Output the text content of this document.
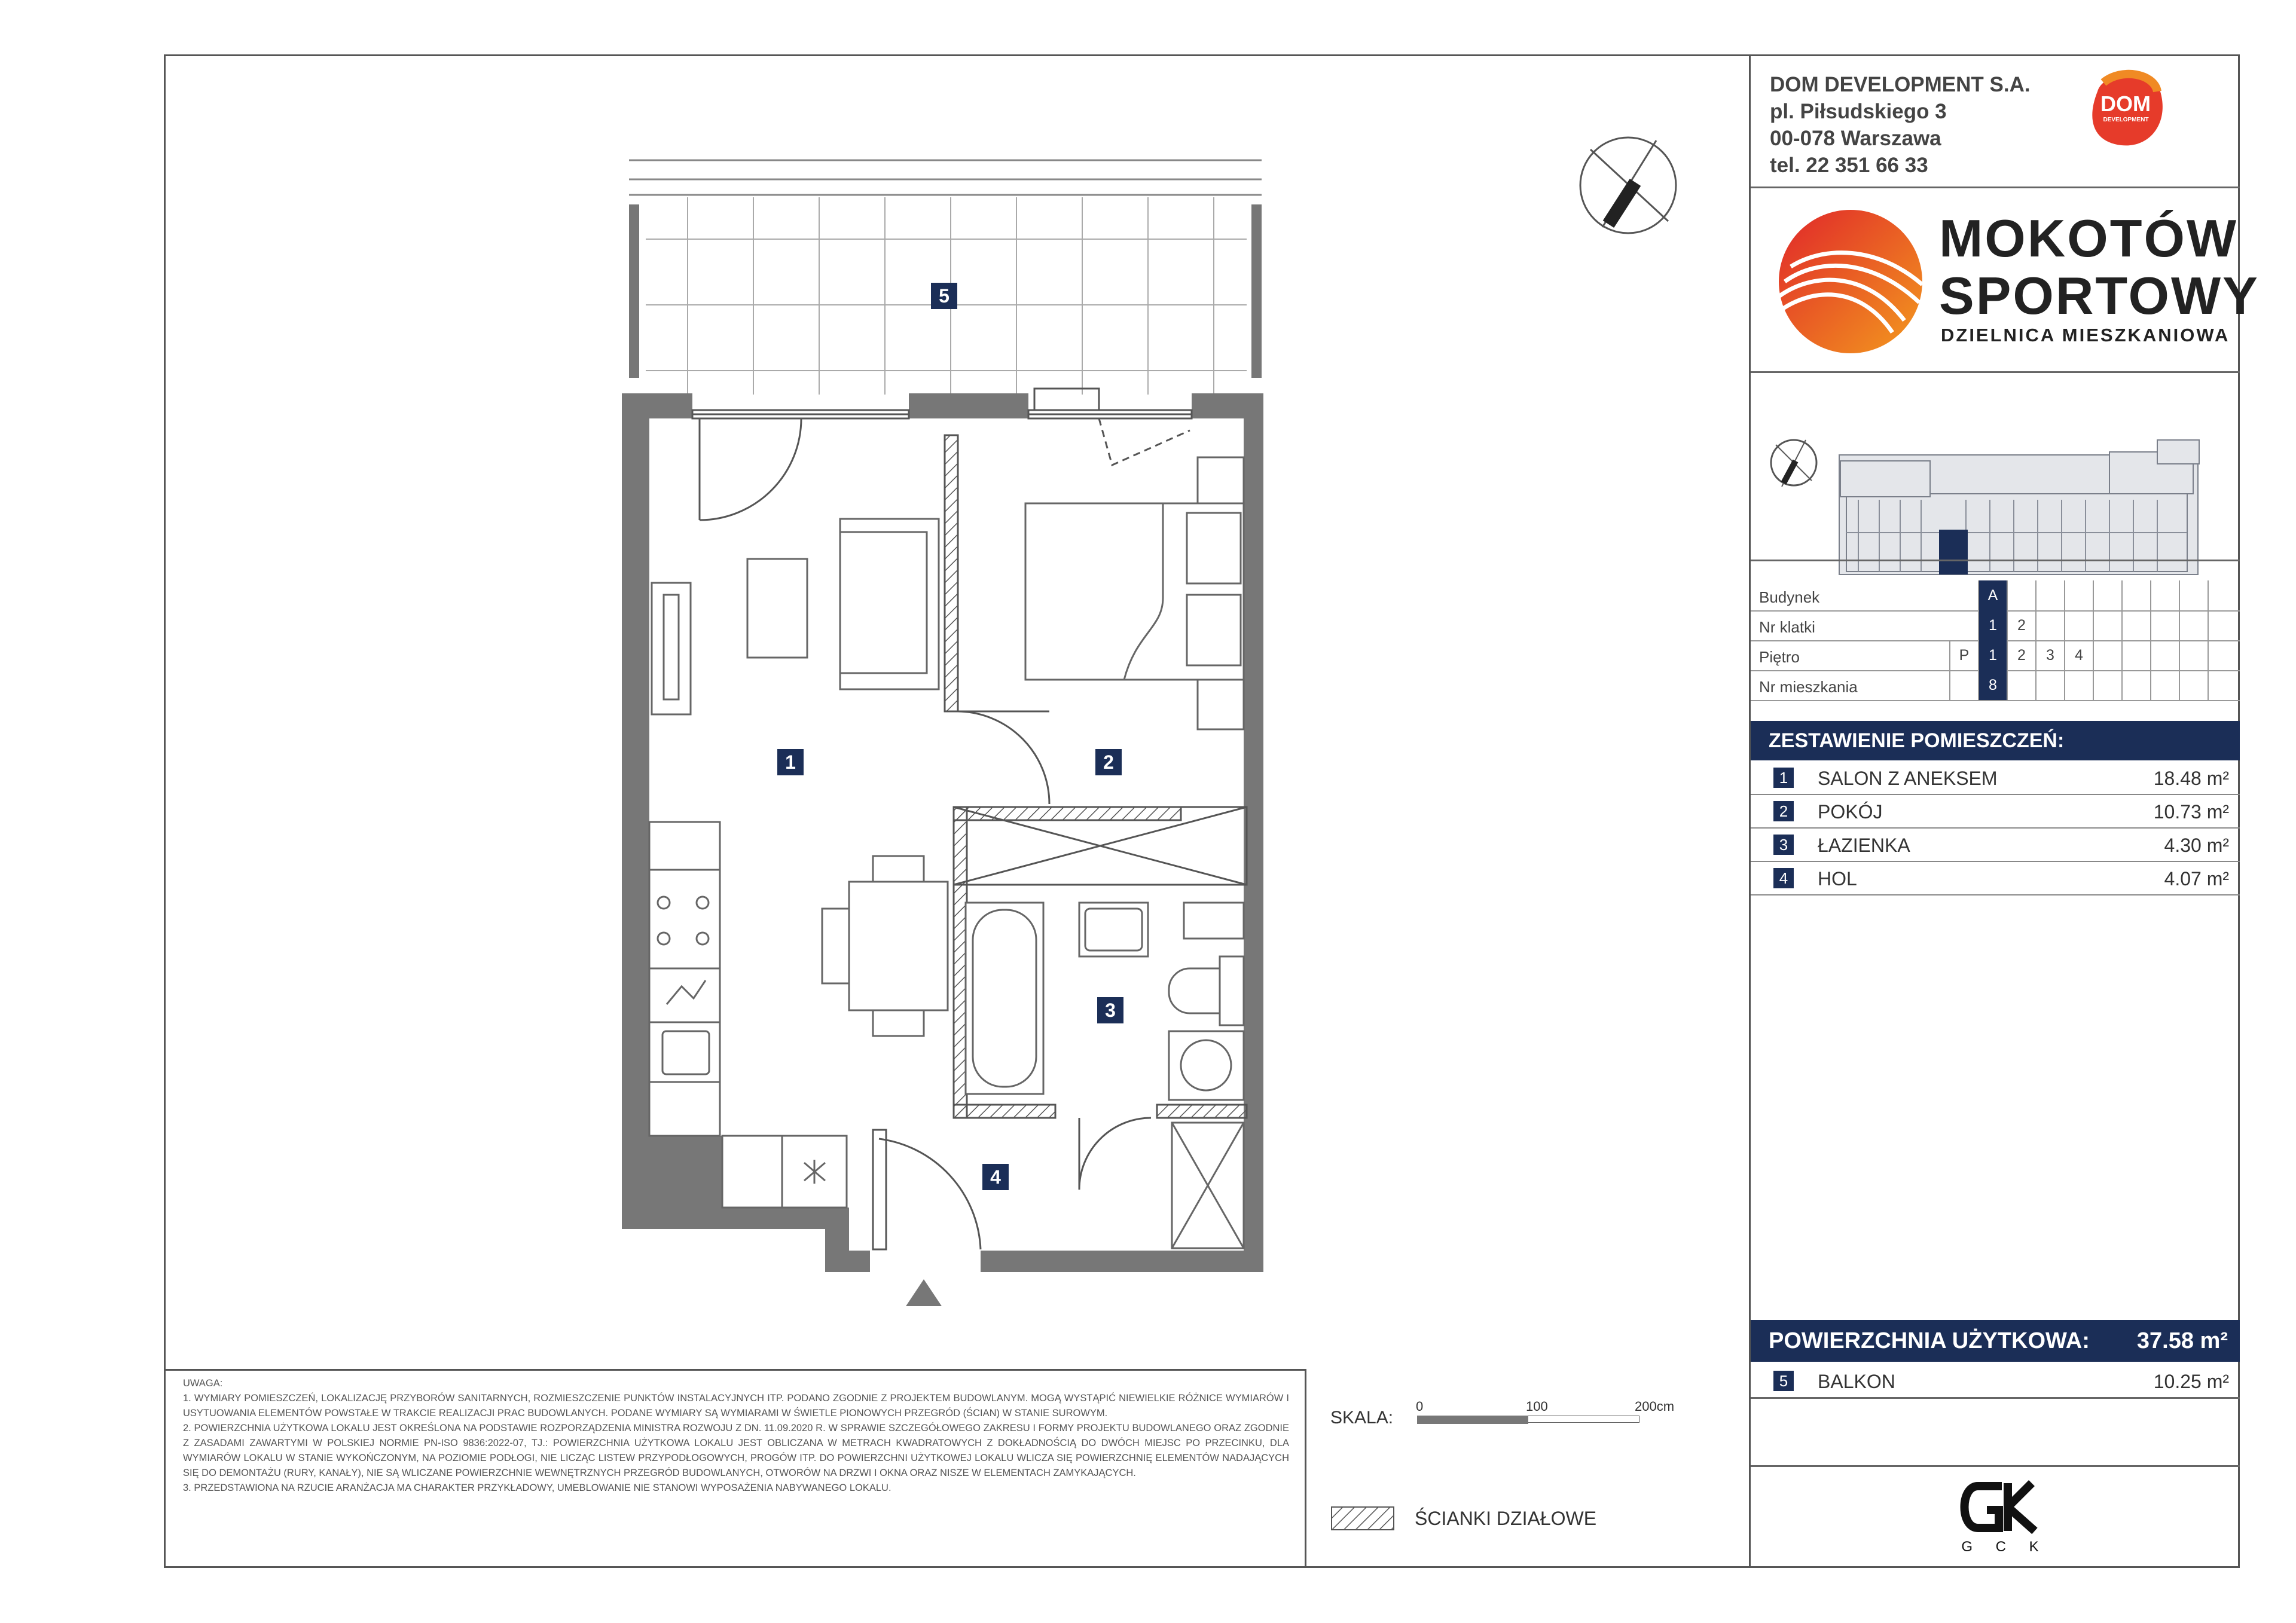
1	2
3
4
5
DOM DEVELOPMENT S.A.
pl. Piłsudskiego 3
00-078 Warszawa
tel. 22 351 66 33
DOM
DEVELOPMENT
MOKOTÓW
SPORTOWY
DZIELNICA MIESZKANIOWA
Budynek	A
Nr klatki	1	2
Piętro	P	1	2	3	4
Nr mieszkania	8
ZESTAWIENIE POMIESZCZEŃ:
1	SALON Z ANEKSEM	18.48 m²
2	POKÓJ	10.73 m²
3	ŁAZIENKA	4.30 m²
4	HOL	4.07 m²
POWIERZCHNIA UŻYTKOWA: 37.58 m²
5	BALKON	10.25 m²
G C K
UWAGA:
1. WYMIARY POMIESZCZEŃ, LOKALIZACJĘ PRZYBORÓW SANITARNYCH, ROZMIESZCZENIE PUNKTÓW INSTALACYJNYCH ITP. PODANO ZGODNIE Z PROJEKTEM BUDOWLANYM. MOGĄ WYSTĄPIĆ NIEWIELKIE RÓŻNICE WYMIARÓW I USYTUOWANIA ELEMENTÓW POWSTAŁE W TRAKCIE REALIZACJI PRAC BUDOWLANYCH. PODANE WYMIARY SĄ WYMIARAMI W ŚWIETLE PIONOWYCH PRZEGRÓD (ŚCIAN) W STANIE SUROWYM.
2. POWIERZCHNIA UŻYTKOWA LOKALU JEST OKREŚLONA NA PODSTAWIE ROZPORZĄDZENIA MINISTRA ROZWOJU Z DN. 11.09.2020 R. W SPRAWIE SZCZEGÓŁOWEGO ZAKRESU I FORMY PROJEKTU BUDOWLANEGO ORAZ ZGODNIE Z ZASADAMI ZAWARTYMI W POLSKIEJ NORMIE PN-ISO 9836:2022-07, TJ.: POWIERZCHNIA UŻYTKOWA LOKALU JEST OBLICZANA W METRACH KWADRATOWYCH Z DOKŁADNOŚCIĄ DO DWÓCH MIEJSC PO PRZECINKU, DLA WYMIARÓW LOKALU W STANIE WYKOŃCZONYM, NA POZIOMIE PODŁOGI, NIE LICZĄC LISTEW PRZYPODŁOGOWYCH, PROGÓW ITP. DO POWIERZCHNI UŻYTKOWEJ LOKALU WLICZA SIĘ POWIERZCHNIĘ ELEMENTÓW NADAJĄCYCH SIĘ DO DEMONTAŻU (RURY, KANAŁY), NIE SĄ WLICZANE POWIERZCHNIE WEWNĘTRZNYCH PRZEGRÓD BUDOWLANYCH, OTWORÓW NA DRZWI I OKNA ORAZ NISZE W ELEMENTACH ZAMYKAJĄCYCH.
3. PRZEDSTAWIONA NA RZUCIE ARANŻACJA MA CHARAKTER PRZYKŁADOWY, UMEBLOWANIE NIE STANOWI WYPOSAŻENIA NABYWANEGO LOKALU.
SKALA:
0	100	200cm
ŚCIANKI DZIAŁOWE
